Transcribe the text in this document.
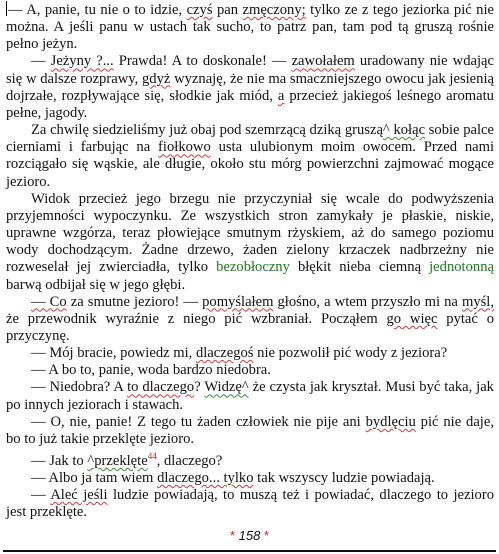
— A, panie, tu nie o to idzie, czyś pan zmęczony; tylko ze z tego jeziorka pić nie można. A jeśli panu w ustach tak sucho, to patrz pan, tam pod tą gruszą rośnie pełno jeżyn.

— Jeżyny ?... Prawda! A to doskonale! — zawołałem uradowany nie wdając się w dalsze rozprawy, gdyż wyznaję, że nie ma smaczniejszego owocu jak jesienią dojrzałe, rozpływające się, słodkie jak miód, a przecież jakiegoś leśnego aromatu pełne, jagody.

Za chwilę siedzieliśmy już obaj pod szemrzącą dziką gruszą^ kołąc sobie palce cierniami i farbując na fiołkowo usta ulubionym moim owocem. Przed nami rozciągało się wąskie, ale długie, około stu mórg powierzchni zajmować mogące jezioro.

Widok przecież jego brzegu nie przyczyniał się wcale do podwyższenia przyjemności wypoczynku. Ze wszystkich stron zamykały je płaskie, niskie, uprawne wzgórza, teraz płowiejące smutnym rżyskiem, aż do samego poziomu wody dochodzącym. Żadne drzewo, żaden zielony krzaczek nadbrzeżny nie rozweselał jej zwierciadła, tylko bezobłoczny błękit nieba ciemną jednotonną barwą odbijał się w jego głębi.

— Co za smutne jezioro! — pomyślałem głośno, a wtem przyszło mi na myśl, że przewodnik wyraźnie z niego pić wzbraniał. Począłem go więc pytać o przyczynę.

— Mój bracie, powiedz mi, dlaczegoś nie pozwolił pić wody z jeziora?

— A bo to, panie, woda bardzo niedobra.

— Niedobra? A to dlaczego? Widzę^ że czysta jak kryształ. Musi być taka, jak po innych jeziorach i stawach.

— O, nie, panie! Z tego tu żaden człowiek nie pije ani bydlęciu pić nie daje, bo to już takie przeklęte jezioro.

— Jak to ^przeklęte$^{44}$, dlaczego?

— Albo ja tam wiem dlaczego... tylko tak wszyscy ludzie powiadają.

— Aleć jeśli ludzie powiadają, to muszą też i powiadać, dlaczego to jezioro jest przeklęte.

* 158 *
